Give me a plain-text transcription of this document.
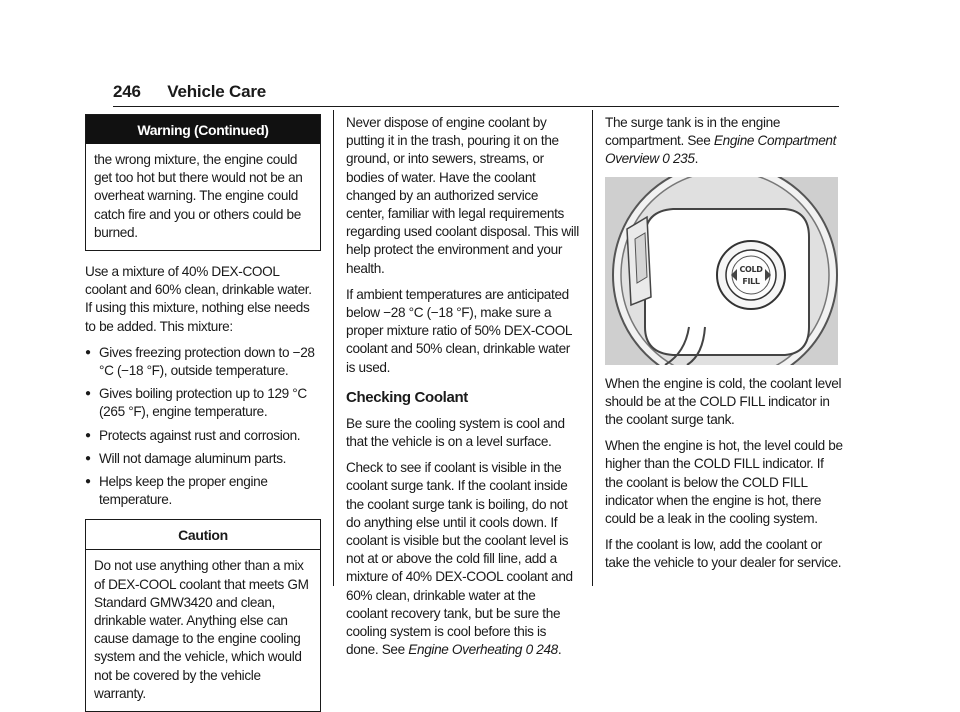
246 Vehicle Care
Warning (Continued)
the wrong mixture, the engine could get too hot but there would not be an overheat warning. The engine could catch fire and you or others could be burned.

Use a mixture of 40% DEX-COOL coolant and 60% clean, drinkable water. If using this mixture, nothing else needs to be added. This mixture:

● Gives freezing protection down to −28 °C (−18 °F), outside temperature.
● Gives boiling protection up to 129 °C (265 °F), engine temperature.
● Protects against rust and corrosion.
● Will not damage aluminum parts.
● Helps keep the proper engine temperature.
Caution
Do not use anything other than a mix of DEX-COOL coolant that meets GM Standard GMW3420 and clean, drinkable water. Anything else can cause damage to the engine cooling system and the vehicle, which would not be covered by the vehicle warranty.

Never dispose of engine coolant by putting it in the trash, pouring it on the ground, or into sewers, streams, or bodies of water. Have the coolant changed by an authorized service center, familiar with legal requirements regarding used coolant disposal. This will help protect the environment and your health.

If ambient temperatures are anticipated below −28 °C (−18 °F), make sure a proper mixture ratio of 50% DEX-COOL coolant and 50% clean, drinkable water is used.

Checking Coolant

Be sure the cooling system is cool and that the vehicle is on a level surface.

Check to see if coolant is visible in the coolant surge tank. If the coolant inside the coolant surge tank is boiling, do not do anything else until it cools down. If coolant is visible but the coolant level is not at or above the cold fill line, add a mixture of 40% DEX-COOL coolant and 60% clean, drinkable water at the coolant recovery tank, but be sure the cooling system is cool before this is done. See Engine Overheating 0 248.

The surge tank is in the engine compartment. See Engine Compartment Overview 0 235.

COLD
FILL

When the engine is cold, the coolant level should be at the COLD FILL indicator in the coolant surge tank.

When the engine is hot, the level could be higher than the COLD FILL indicator. If the coolant is below the COLD FILL indicator when the engine is hot, there could be a leak in the cooling system.

If the coolant is low, add the coolant or take the vehicle to your dealer for service.
